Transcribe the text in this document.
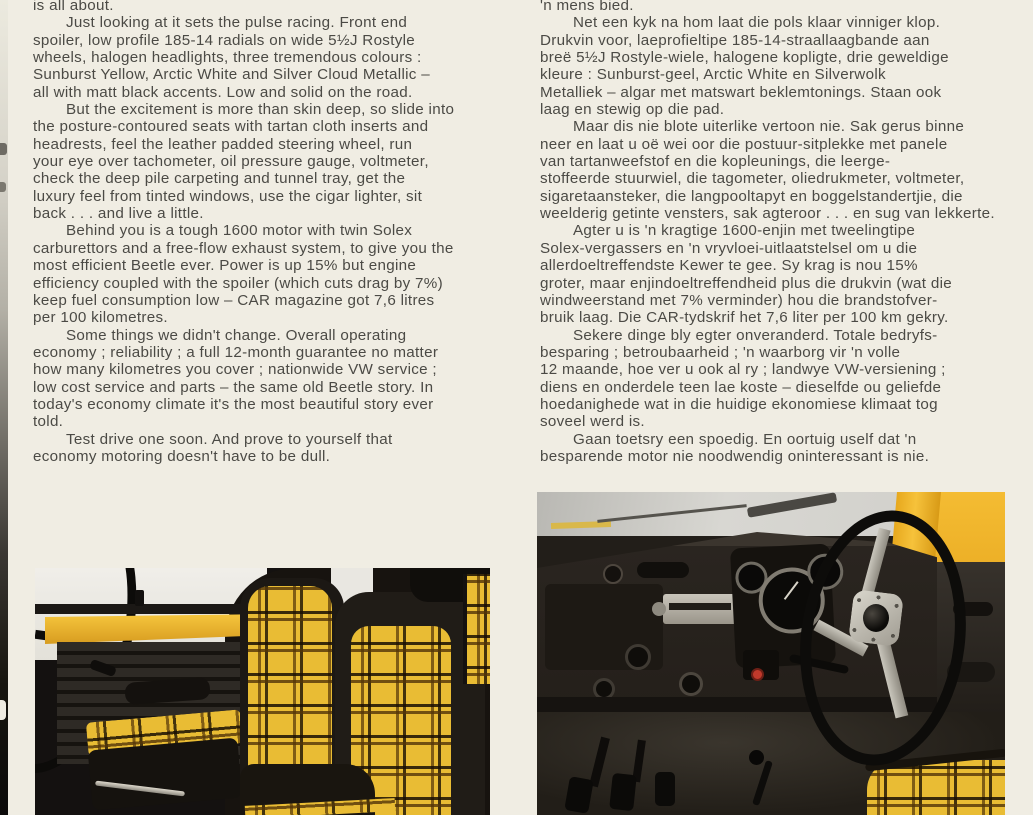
is all about.
Just looking at it sets the pulse racing. Front end
spoiler, low profile 185-14 radials on wide 5½J Rostyle
wheels, halogen headlights, three tremendous colours :
Sunburst Yellow, Arctic White and Silver Cloud Metallic –
all with matt black accents. Low and solid on the road.
But the excitement is more than skin deep, so slide into
the posture-contoured seats with tartan cloth inserts and
headrests, feel the leather padded steering wheel, run
your eye over tachometer, oil pressure gauge, voltmeter,
check the deep pile carpeting and tunnel tray, get the
luxury feel from tinted windows, use the cigar lighter, sit
back . . . and live a little.
Behind you is a tough 1600 motor with twin Solex
carburettors and a free-flow exhaust system, to give you the
most efficient Beetle ever. Power is up 15% but engine
efficiency coupled with the spoiler (which cuts drag by 7%)
keep fuel consumption low – CAR magazine got 7,6 litres
per 100 kilometres.
Some things we didn't change. Overall operating
economy ; reliability ; a full 12-month guarantee no matter
how many kilometres you cover ; nationwide VW service ;
low cost service and parts – the same old Beetle story. In
today's economy climate it's the most beautiful story ever
told.
Test drive one soon. And prove to yourself that
economy motoring doesn't have to be dull.
'n mens bied.
Net een kyk na hom laat die pols klaar vinniger klop.
Drukvin voor, laeprofieltipe 185-14-straallaagbande aan
breë 5½J Rostyle-wiele, halogene kopligte, drie geweldige
kleure : Sunburst-geel, Arctic White en Silverwolk
Metalliek – algar met matswart beklemtonings. Staan ook
laag en stewig op die pad.
Maar dis nie blote uiterlike vertoon nie. Sak gerus binne
neer en laat u oë wei oor die postuur-sitplekke met panele
van tartanweefstof en die kopleunings, die leerge-
stoffeerde stuurwiel, die tagometer, oliedrukmeter, voltmeter,
sigaretaansteker, die langpooltapyt en boggelstandertjie, die
weelderig getinte vensters, sak agteroor . . . en sug van lekkerte.
Agter u is 'n kragtige 1600-enjin met tweelingtipe
Solex-vergassers en 'n vryvloei-uitlaatstelsel om u die
allerdoeltreffendste Kewer te gee. Sy krag is nou 15%
groter, maar enjindoeltreffendheid plus die drukvin (wat die
windweerstand met 7% verminder) hou die brandstofver-
bruik laag. Die CAR-tydskrif het 7,6 liter per 100 km gekry.
Sekere dinge bly egter onveranderd. Totale bedryfs-
besparing ; betroubaarheid ; 'n waarborg vir 'n volle
12 maande, hoe ver u ook al ry ; landwye VW-versiening ;
diens en onderdele teen lae koste – dieselfde ou geliefde
hoedanighede wat in die huidige ekonomiese klimaat tog
soveel werd is.
Gaan toetsry een spoedig. En oortuig uself dat 'n
besparende motor nie noodwendig oninteressant is nie.
